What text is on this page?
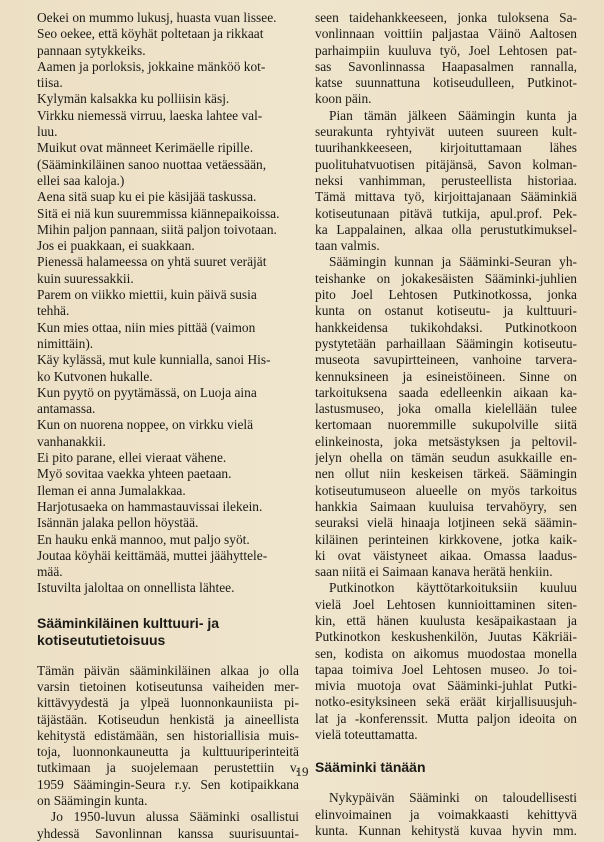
Oekei on mummo lukusj, huasta vuan lissee.
Seo oekee, että köyhät poltetaan ja rikkaat
pannaan sytykkeiks.
Aamen ja porloksis, jokkaine mänköö kot-
tiisa.
Kylymän kalsakka ku polliisin käsj.
Virkku niemessä virruu, laeska lahtee val-
luu.
Muikut ovat männeet Kerimäelle ripille.
(Sääminkiläinen sanoo nuottaa vetäessään,
ellei saa kaloja.)
Aena sitä suap ku ei pie käsijää taskussa.
Sitä ei niä kun suuremmissa kiännepaikoissa.
Mihin paljon pannaan, siitä paljon toivotaan.
Jos ei puakkaan, ei suakkaan.
Pienessä halameessa on yhtä suuret veräjät
kuin suuressakkii.
Parem on viikko miettii, kuin päivä susia
tehhä.
Kun mies ottaa, niin mies pittää (vaimon
nimittäin).
Käy kylässä, mut kule kunnialla, sanoi His-
ko Kutvonen hukalle.
Kun pyytö on pyytämässä, on Luoja aina
antamassa.
Kun on nuorena noppee, on virkku vielä
vanhanakkii.
Ei pito parane, ellei vieraat vähene.
Myö sovitaa vaekka yhteen paetaan.
Ileman ei anna Jumalakkaa.
Harjotusaeka on hammastauvissai ilekein.
Isännän jalaka pellon höystää.
En hauku enkä mannoo, mut paljo syöt.
Joutaa köyhäi keittämää, muttei jäähyttele-
mää.
Istuvilta jaloltaa on onnellista lähtee.
Sääminkiläinen kulttuuri- ja
kotiseututietoisuus
Tämän päivän sääminkiläinen alkaa jo olla
varsin tietoinen kotiseutunsa vaiheiden mer-
kittävyydestä ja ylpeä luonnonkauniista pi-
täjästään. Kotiseudun henkistä ja aineellista
kehitystä edistämään, sen historiallisia muis-
toja, luonnonkauneutta ja kulttuuriperinteitä
tutkimaan ja suojelemaan perustettiin v.
1959 Säämingin-Seura r.y. Sen kotipaikkana
on Säämingin kunta.
Jo 1950-luvun alussa Sääminki osallistui
yhdessä Savonlinnan kanssa suurisuuntai-
seen taidehankkeeseen, jonka tuloksena Sa-
vonlinnaan voittiin paljastaa Väinö Aaltosen
parhaimpiin kuuluva työ, Joel Lehtosen pat-
sas Savonlinnassa Haapasalmen rannalla,
katse suunnattuna kotiseudulleen, Putkinot-
koon päin.
Pian tämän jälkeen Säämingin kunta ja
seurakunta ryhtyivät uuteen suureen kult-
tuurihankkeeseen, kirjoituttamaan lähes
puolituhatvuotisen pitäjänsä, Savon kolman-
neksi vanhimman, perusteellista historiaa.
Tämä mittava työ, kirjoittajanaan Sääminkiä
kotiseutunaan pitävä tutkija, apul.prof. Pek-
ka Lappalainen, alkaa olla perustutkimuksel-
taan valmis.
Säämingin kunnan ja Sääminki-Seuran yh-
teishanke on jokakesäisten Sääminki-juhlien
pito Joel Lehtosen Putkinotkossa, jonka
kunta on ostanut kotiseutu- ja kulttuuri-
hankkeidensa tukikohdaksi. Putkinotkoon
pystytetään parhaillaan Säämingin kotiseutu-
museota savupirtteineen, vanhoine tarvera-
kennuksineen ja esineistöineen. Sinne on
tarkoituksena saada edelleenkin aikaan ka-
lastusmuseo, joka omalla kielellään tulee
kertomaan nuoremmille sukupolville siitä
elinkeinosta, joka metsästyksen ja peltovil-
jelyn ohella on tämän seudun asukkaille en-
nen ollut niin keskeisen tärkeä. Säämingin
kotiseutumuseon alueelle on myös tarkoitus
hankkia Saimaan kuuluisa tervahöyry, sen
seuraksi vielä hinaaja lotjineen sekä säämin-
kiläinen perinteinen kirkkovene, jotka kaik-
ki ovat väistyneet aikaa. Omassa laadus-
saan niitä ei Saimaan kanava herätä henkiin.
Putkinotkon käyttötarkoituksiin kuuluu
vielä Joel Lehtosen kunnioittaminen siten-
kin, että hänen kuulusta kesäpaikastaan ja
Putkinotkon keskushenkilön, Juutas Käkriäi-
sen, kodista on aikomus muodostaa monella
tapaa toimiva Joel Lehtosen museo. Jo toi-
mivia muotoja ovat Sääminki-juhlat Putki-
notko-esityksineen sekä eräät kirjallisuusjuh-
lat ja -konferenssit. Mutta paljon ideoita on
vielä toteuttamatta.
Sääminki tänään
Nykypäivän Sääminki on taloudellisesti
elinvoimainen ja voimakkaasti kehittyvä
kunta. Kunnan kehitystä kuvaa hyvin mm.
19
